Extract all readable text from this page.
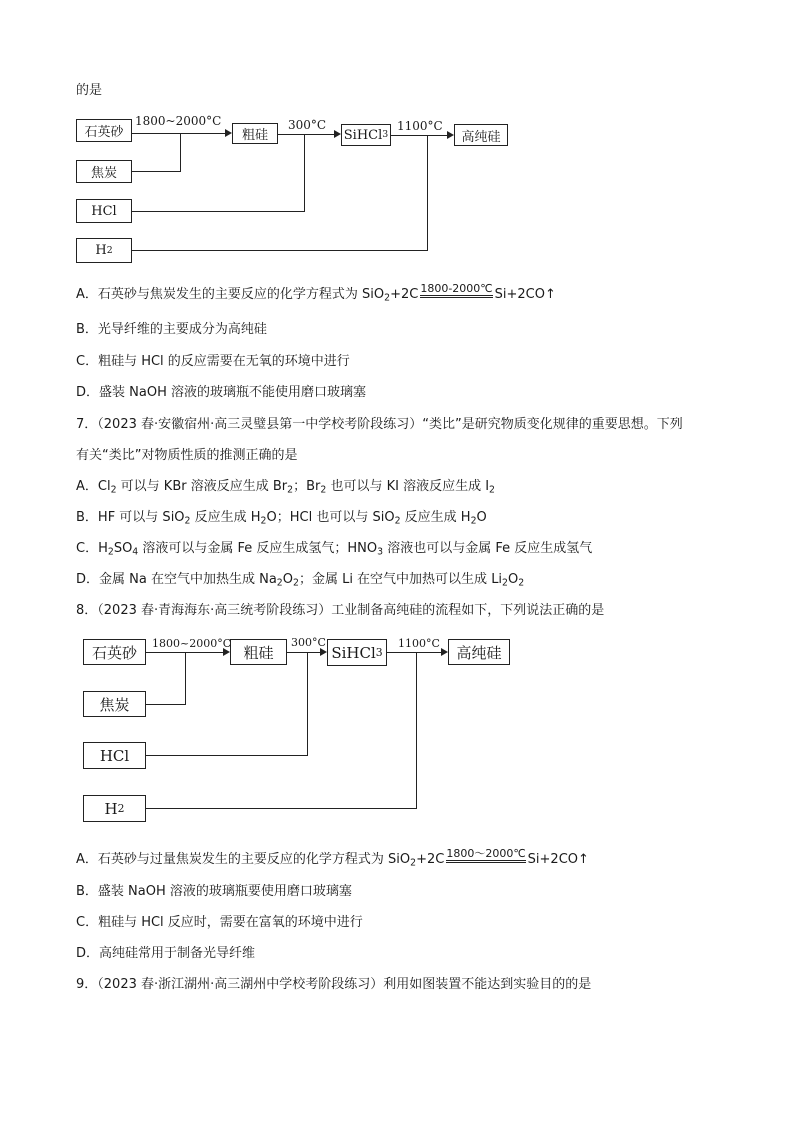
的是
石英砂	粗硅	SiHCl 3	高纯硅
焦炭
HCl
H 2
1800~2000°C	300°C	1100°C
A．石英砂与焦炭发生的主要反应的化学方程式为 SiO$_2$+2C 1800-2000℃ Si+2CO↑
B．光导纤维的主要成分为高纯硅
C．粗硅与 HCl 的反应需要在无氧的环境中进行
D．盛装 NaOH 溶液的玻璃瓶不能使用磨口玻璃塞
7．（2023 春·安徽宿州·高三灵璧县第一中学校考阶段练习）“类比”是研究物质变化规律的重要思想。下列
有关“类比”对物质性质的推测正确的是
A．$Cl_2$ 可以与 KBr 溶液反应生成 $Br_2$；$Br_2$ 也可以与 KI 溶液反应生成 $I_2$
B．HF 可以与 SiO$_2$ 反应生成 $H_2O$；HCl 也可以与 SiO$_2$ 反应生成 $H_2O$
C．$H_2SO_4$ 溶液可以与金属 Fe 反应生成氢气；$HNO_3$ 溶液也可以与金属 Fe 反应生成氢气
D．金属 Na 在空气中加热生成 $Na_2O_2$；金属 Li 在空气中加热可以生成 $Li_2O_2$
8．（2023 春·青海海东·高三统考阶段练习）工业制备高纯硅的流程如下，下列说法正确的是
石英砂	粗硅	SiHCl 3	高纯硅
焦炭
HCl
H 2
1800~2000°C	300°C	1100°C
A．石英砂与过量焦炭发生的主要反应的化学方程式为 SiO$_2$+2C 1800～2000℃ Si+2CO↑
B．盛装 NaOH 溶液的玻璃瓶要使用磨口玻璃塞
C．粗硅与 HCl 反应时，需要在富氧的环境中进行
D．高纯硅常用于制备光导纤维
9．（2023 春·浙江湖州·高三湖州中学校考阶段练习）利用如图装置不能达到实验目的的是
